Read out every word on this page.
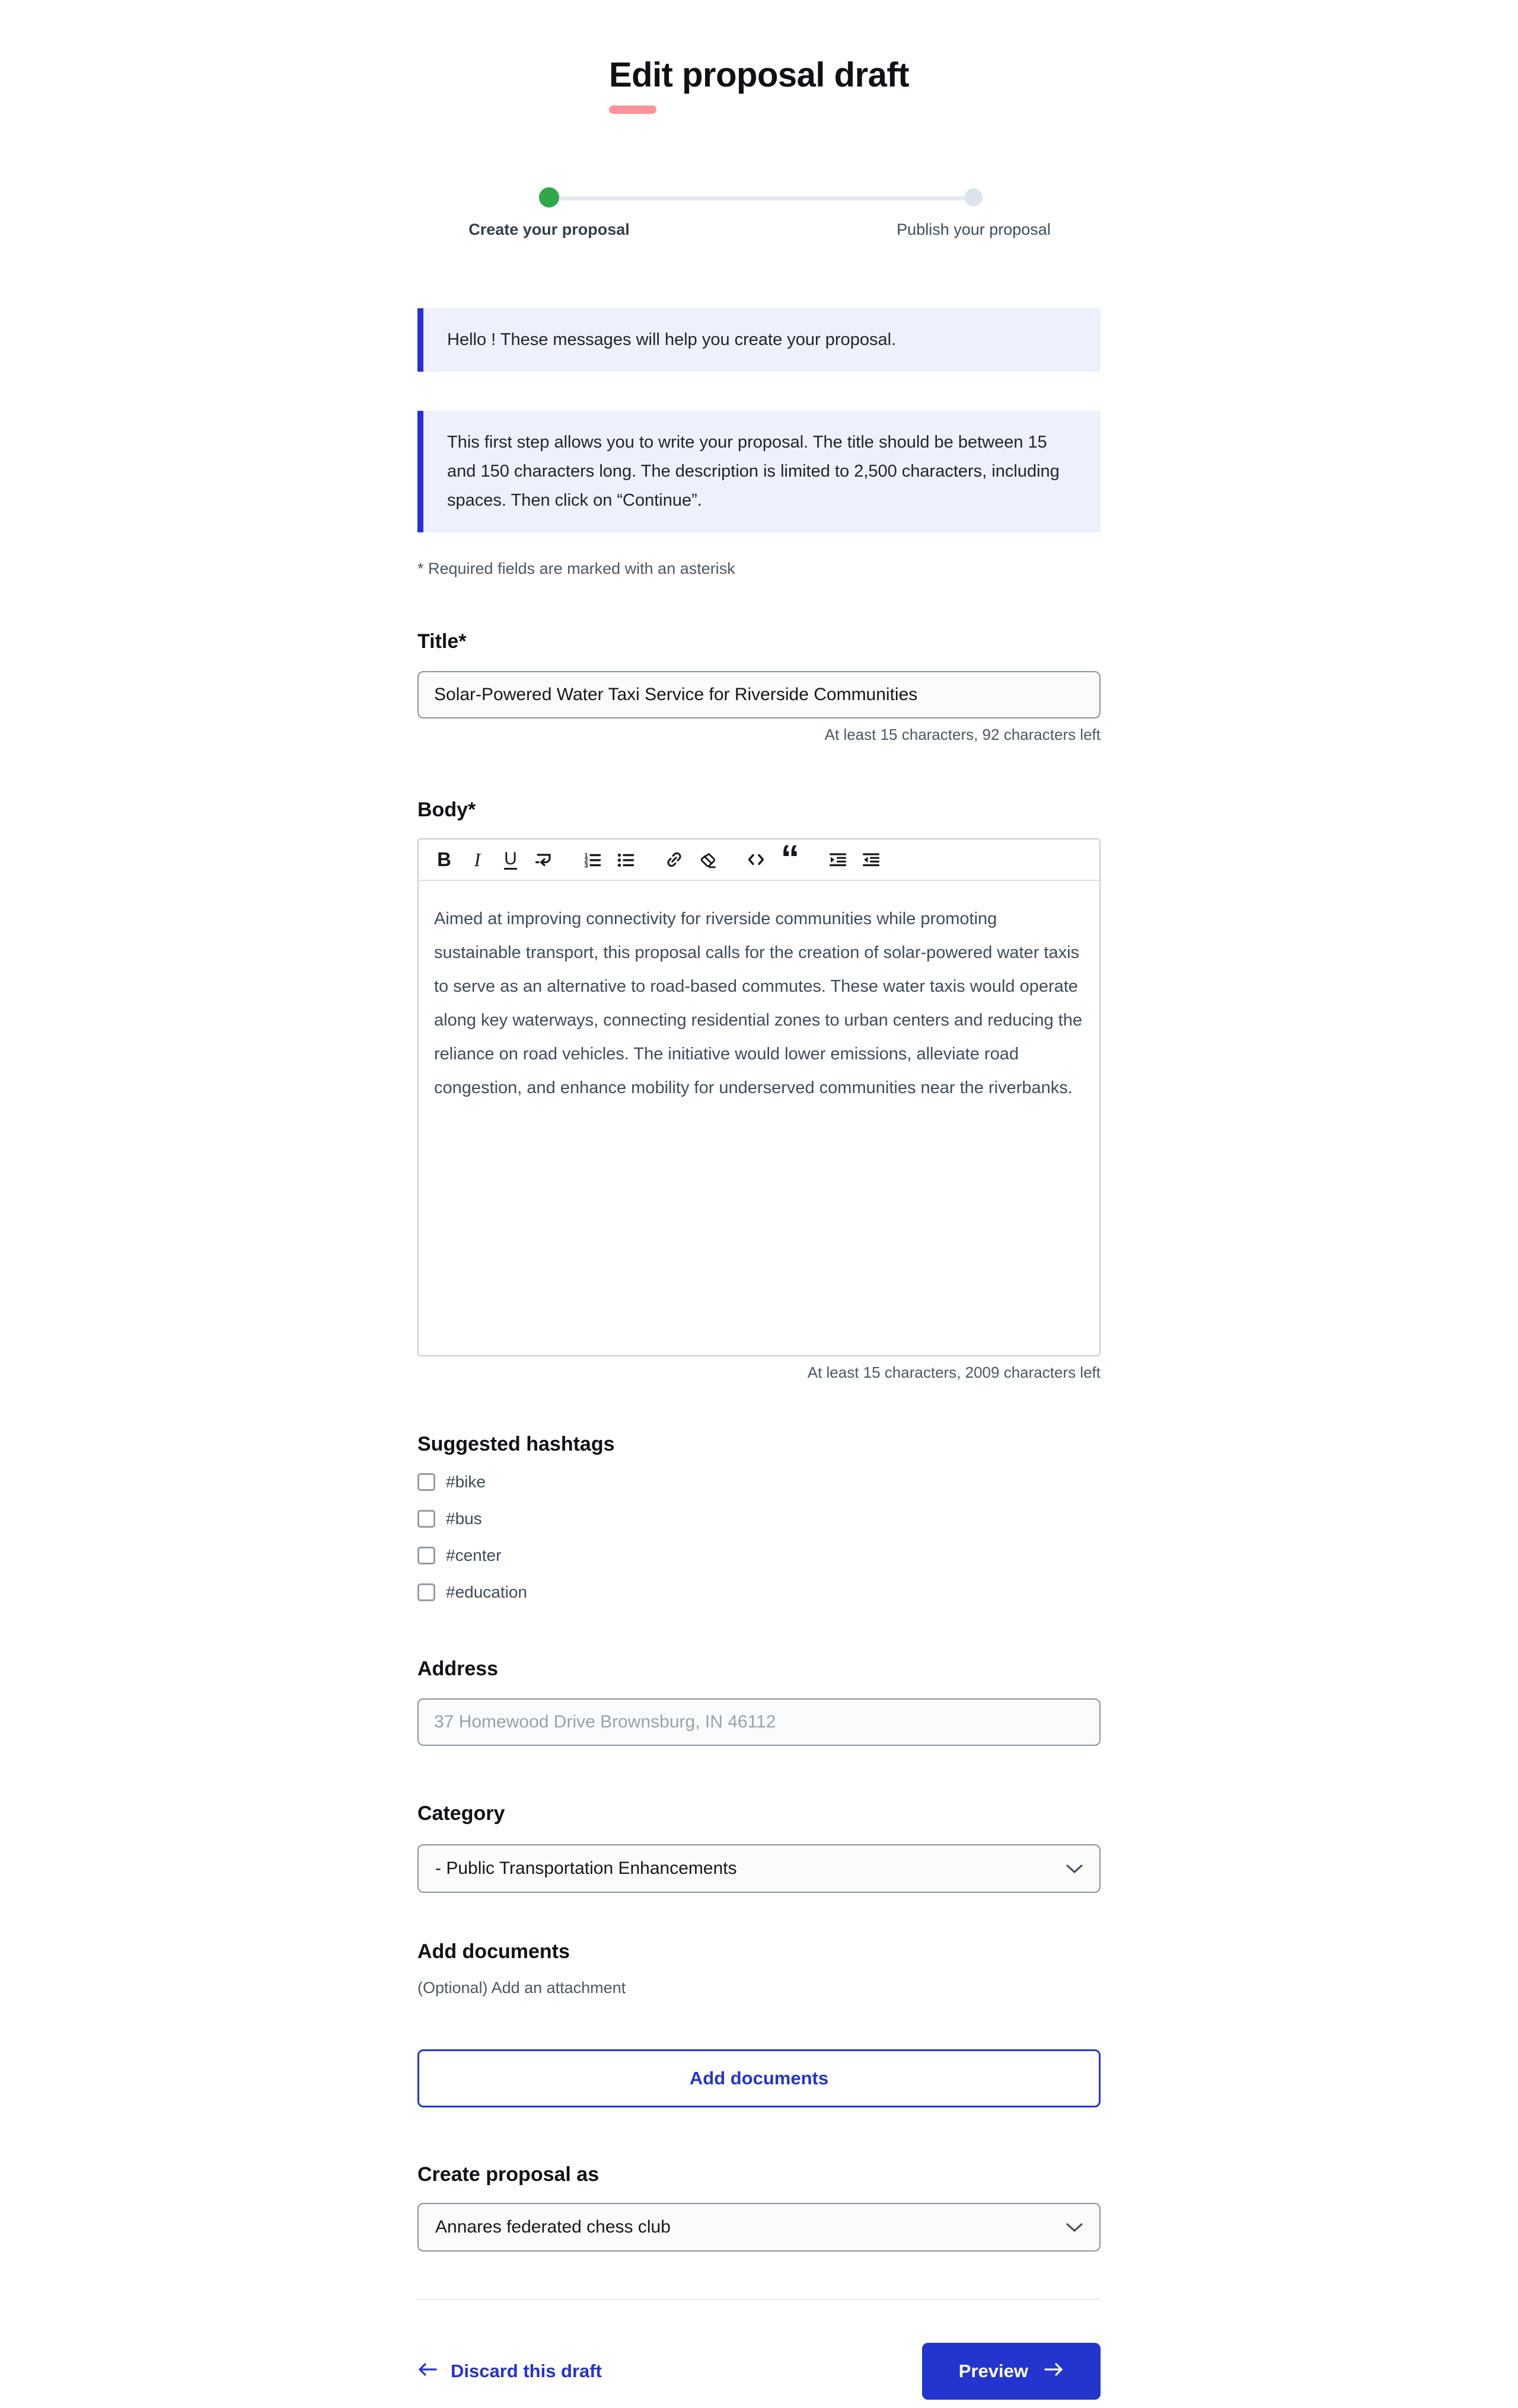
Edit proposal draft
Create your proposal	Publish your proposal
Hello ! These messages will help you create your proposal.
This first step allows you to write your proposal. The title should be between 15 and 150 characters long. The description is limited to 2,500 characters, including spaces. Then click on “Continue”.
* Required fields are marked with an asterisk
Title*
Solar-Powered Water Taxi Service for Riverside Communities
At least 15 characters, 92 characters left
Body*
B I U	1
2
3	“
Aimed at improving connectivity for riverside communities while promoting sustainable transport, this proposal calls for the creation of solar-powered water taxis to serve as an alternative to road-based commutes. These water taxis would operate along key waterways, connecting residential zones to urban centers and reducing the reliance on road vehicles. The initiative would lower emissions, alleviate road congestion, and enhance mobility for underserved communities near the riverbanks.
At least 15 characters, 2009 characters left
Suggested hashtags
#bike
#bus
#center
#education
Address
37 Homewood Drive Brownsburg, IN 46112
Category
- Public Transportation Enhancements
Add documents
(Optional) Add an attachment
Add documents
Create proposal as
Annares federated chess club
Discard this draft	Preview
